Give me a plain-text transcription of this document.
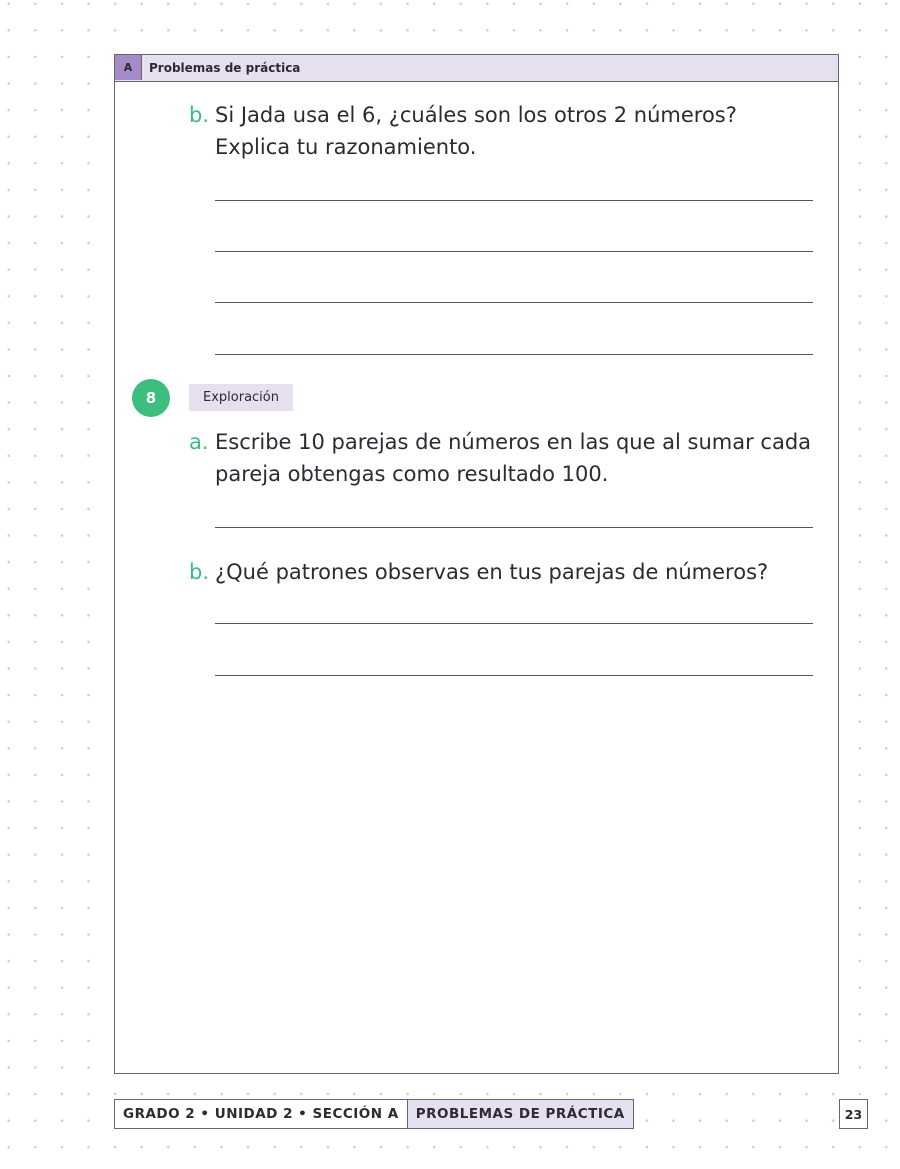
A	Problemas de práctica
b. Si Jada usa el 6, ¿cuáles son los otros 2 números?
Explica tu razonamiento.
8	Exploración
a. Escribe 10 parejas de números en las que al sumar cada
pareja obtengas como resultado 100.
b. ¿Qué patrones observas en tus parejas de números?
GRADO 2 • UNIDAD 2 • SECCIÓN A	PROBLEMAS DE PRÁCTICA	23
